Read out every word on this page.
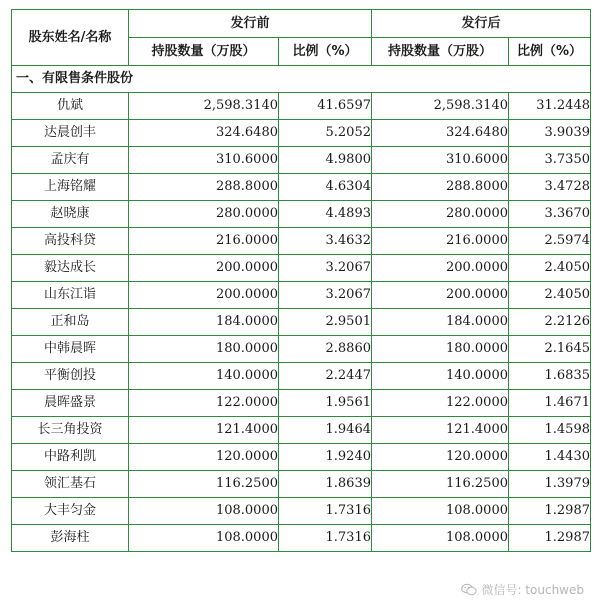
股东姓名/名称	发行前		发行后	
	持股数量（万股）	比例（%）	持股数量（万股）	比例（%）
一、有限售条件股份				
仇斌	2,598.3140	41.6597	2,598.3140	31.2448
达晨创丰	324.6480	5.2052	324.6480	3.9039
孟庆有	310.6000	4.9800	310.6000	3.7350
上海铭耀	288.8000	4.6304	288.8000	3.4728
赵晓康	280.0000	4.4893	280.0000	3.3670
高投科贷	216.0000	3.4632	216.0000	2.5974
毅达成长	200.0000	3.2067	200.0000	2.4050
山东江诣	200.0000	3.2067	200.0000	2.4050
正和岛	184.0000	2.9501	184.0000	2.2126
中韩晨晖	180.0000	2.8860	180.0000	2.1645
平衡创投	140.0000	2.2447	140.0000	1.6835
晨晖盛景	122.0000	1.9561	122.0000	1.4671
长三角投资	121.4000	1.9464	121.4000	1.4598
中路利凯	120.0000	1.9240	120.0000	1.4430
领汇基石	116.2500	1.8639	116.2500	1.3979
大丰匀金	108.0000	1.7316	108.0000	1.2987
彭海柱	108.0000	1.7316	108.0000	1.2987
微信号: touchweb
